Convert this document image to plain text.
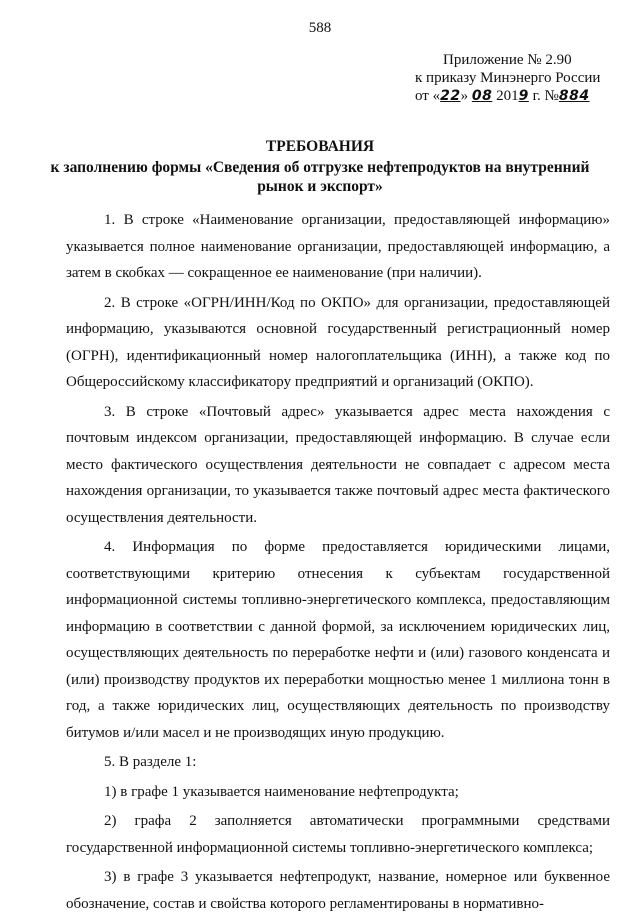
588
Приложение № 2.90
к приказу Минэнерго России
от «22» 08 2019 г. №884
ТРЕБОВАНИЯ
к заполнению формы «Сведения об отгрузке нефтепродуктов на внутренний рынок и экспорт»

1. В строке «Наименование организации, предоставляющей информацию» указывается полное наименование организации, предоставляющей информацию, а затем в скобках — сокращенное ее наименование (при наличии).

2. В строке «ОГРН/ИНН/Код по ОКПО» для организации, предоставляющей информацию, указываются основной государственный регистрационный номер (ОГРН), идентификационный номер налогоплательщика (ИНН), а также код по Общероссийскому классификатору предприятий и организаций (ОКПО).

3. В строке «Почтовый адрес» указывается адрес места нахождения с почтовым индексом организации, предоставляющей информацию. В случае если место фактического осуществления деятельности не совпадает с адресом места нахождения организации, то указывается также почтовый адрес места фактического осуществления деятельности.

4. Информация по форме предоставляется юридическими лицами, соответствующими критерию отнесения к субъектам государственной информационной системы топливно-энергетического комплекса, предоставляющим информацию в соответствии с данной формой, за исключением юридических лиц, осуществляющих деятельность по переработке нефти и (или) газового конденсата и (или) производству продуктов их переработки мощностью менее 1 миллиона тонн в год, а также юридических лиц, осуществляющих деятельность по производству битумов и/или масел и не производящих иную продукцию.

5. В разделе 1:

1) в графе 1 указывается наименование нефтепродукта;

2) графа 2 заполняется автоматически программными средствами государственной информационной системы топливно-энергетического комплекса;

3) в графе 3 указывается нефтепродукт, название, номерное или буквенное обозначение, состав и свойства которого регламентированы в нормативно-
